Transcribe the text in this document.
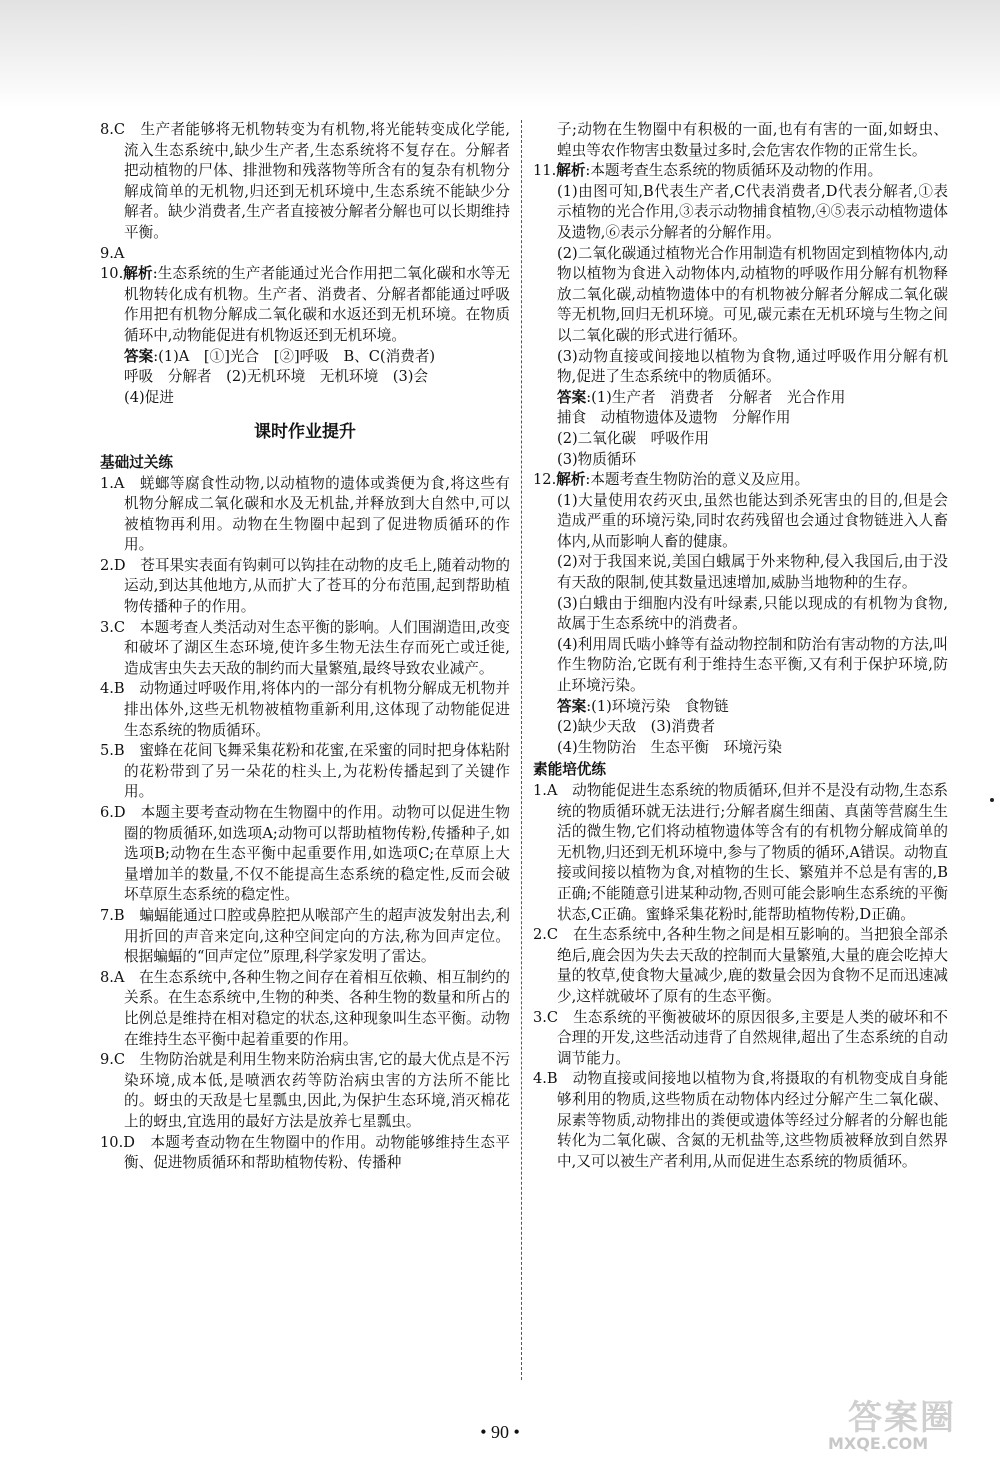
8.C　生产者能够将无机物转变为有机物,将光能转变成化学能,流入生态系统中,缺少生产者,生态系统将不复存在。分解者把动植物的尸体、排泄物和残落物等所含有的复杂有机物分解成简单的无机物,归还到无机环境中,生态系统不能缺少分解者。缺少消费者,生产者直接被分解者分解也可以长期维持平衡。
9.A
10.解析:生态系统的生产者能通过光合作用把二氧化碳和水等无机物转化成有机物。生产者、消费者、分解者都能通过呼吸作用把有机物分解成二氧化碳和水返还到无机环境。在物质循环中,动物能促进有机物返还到无机环境。
答案:(1)A　[①]光合　[②]呼吸　B、C(消费者)
呼吸　分解者　(2)无机环境　无机环境　(3)会
(4)促进
课时作业提升
基础过关练
1.A　蜣螂等腐食性动物,以动植物的遗体或粪便为食,将这些有机物分解成二氧化碳和水及无机盐,并释放到大自然中,可以被植物再利用。动物在生物圈中起到了促进物质循环的作用。
2.D　苍耳果实表面有钩刺可以钩挂在动物的皮毛上,随着动物的运动,到达其他地方,从而扩大了苍耳的分布范围,起到帮助植物传播种子的作用。
3.C　本题考查人类活动对生态平衡的影响。人们围湖造田,改变和破坏了湖区生态环境,使许多生物无法生存而死亡或迁徙,造成害虫失去天敌的制约而大量繁殖,最终导致农业减产。
4.B　动物通过呼吸作用,将体内的一部分有机物分解成无机物并排出体外,这些无机物被植物重新利用,这体现了动物能促进生态系统的物质循环。
5.B　蜜蜂在花间飞舞采集花粉和花蜜,在采蜜的同时把身体粘附的花粉带到了另一朵花的柱头上,为花粉传播起到了关键作用。
6.D　本题主要考查动物在生物圈中的作用。动物可以促进生物圈的物质循环,如选项A;动物可以帮助植物传粉,传播种子,如选项B;动物在生态平衡中起重要作用,如选项C;在草原上大量增加羊的数量,不仅不能提高生态系统的稳定性,反而会破坏草原生态系统的稳定性。
7.B　蝙蝠能通过口腔或鼻腔把从喉部产生的超声波发射出去,利用折回的声音来定向,这种空间定向的方法,称为回声定位。根据蝙蝠的“回声定位”原理,科学家发明了雷达。
8.A　在生态系统中,各种生物之间存在着相互依赖、相互制约的关系。在生态系统中,生物的种类、各种生物的数量和所占的比例总是维持在相对稳定的状态,这种现象叫生态平衡。动物在维持生态平衡中起着重要的作用。
9.C　生物防治就是利用生物来防治病虫害,它的最大优点是不污染环境,成本低,是喷洒农药等防治病虫害的方法所不能比的。蚜虫的天敌是七星瓢虫,因此,为保护生态环境,消灭棉花上的蚜虫,宜选用的最好方法是放养七星瓢虫。
10.D　本题考查动物在生物圈中的作用。动物能够维持生态平衡、促进物质循环和帮助植物传粉、传播种
子;动物在生物圈中有积极的一面,也有有害的一面,如蚜虫、蝗虫等农作物害虫数量过多时,会危害农作物的正常生长。
11.解析:本题考查生态系统的物质循环及动物的作用。
(1)由图可知,B代表生产者,C代表消费者,D代表分解者,①表示植物的光合作用,③表示动物捕食植物,④⑤表示动植物遗体及遗物,⑥表示分解者的分解作用。
(2)二氧化碳通过植物光合作用制造有机物固定到植物体内,动物以植物为食进入动物体内,动植物的呼吸作用分解有机物释放二氧化碳,动植物遗体中的有机物被分解者分解成二氧化碳等无机物,回归无机环境。可见,碳元素在无机环境与生物之间以二氧化碳的形式进行循环。
(3)动物直接或间接地以植物为食物,通过呼吸作用分解有机物,促进了生态系统中的物质循环。
答案:(1)生产者　消费者　分解者　光合作用
捕食　动植物遗体及遗物　分解作用
(2)二氧化碳　呼吸作用
(3)物质循环
12.解析:本题考查生物防治的意义及应用。
(1)大量使用农药灭虫,虽然也能达到杀死害虫的目的,但是会造成严重的环境污染,同时农药残留也会通过食物链进入人畜体内,从而影响人畜的健康。
(2)对于我国来说,美国白蛾属于外来物种,侵入我国后,由于没有天敌的限制,使其数量迅速增加,威胁当地物种的生存。
(3)白蛾由于细胞内没有叶绿素,只能以现成的有机物为食物,故属于生态系统中的消费者。
(4)利用周氏啮小蜂等有益动物控制和防治有害动物的方法,叫作生物防治,它既有利于维持生态平衡,又有利于保护环境,防止环境污染。
答案:(1)环境污染　食物链
(2)缺少天敌　(3)消费者
(4)生物防治　生态平衡　环境污染
素能培优练
1.A　动物能促进生态系统的物质循环,但并不是没有动物,生态系统的物质循环就无法进行;分解者腐生细菌、真菌等营腐生生活的微生物,它们将动植物遗体等含有的有机物分解成简单的无机物,归还到无机环境中,参与了物质的循环,A错误。动物直接或间接以植物为食,对植物的生长、繁殖并不总是有害的,B正确;不能随意引进某种动物,否则可能会影响生态系统的平衡状态,C正确。蜜蜂采集花粉时,能帮助植物传粉,D正确。
2.C　在生态系统中,各种生物之间是相互影响的。当把狼全部杀绝后,鹿会因为失去天敌的控制而大量繁殖,大量的鹿会吃掉大量的牧草,使食物大量减少,鹿的数量会因为食物不足而迅速减少,这样就破坏了原有的生态平衡。
3.C　生态系统的平衡被破坏的原因很多,主要是人类的破坏和不合理的开发,这些活动违背了自然规律,超出了生态系统的自动调节能力。
4.B　动物直接或间接地以植物为食,将摄取的有机物变成自身能够利用的物质,这些物质在动物体内经过分解产生二氧化碳、尿素等物质,动物排出的粪便或遗体等经过分解者的分解也能转化为二氧化碳、含氮的无机盐等,这些物质被释放到自然界中,又可以被生产者利用,从而促进生态系统的物质循环。
• 90 •	答案圈
MXQE.COM
